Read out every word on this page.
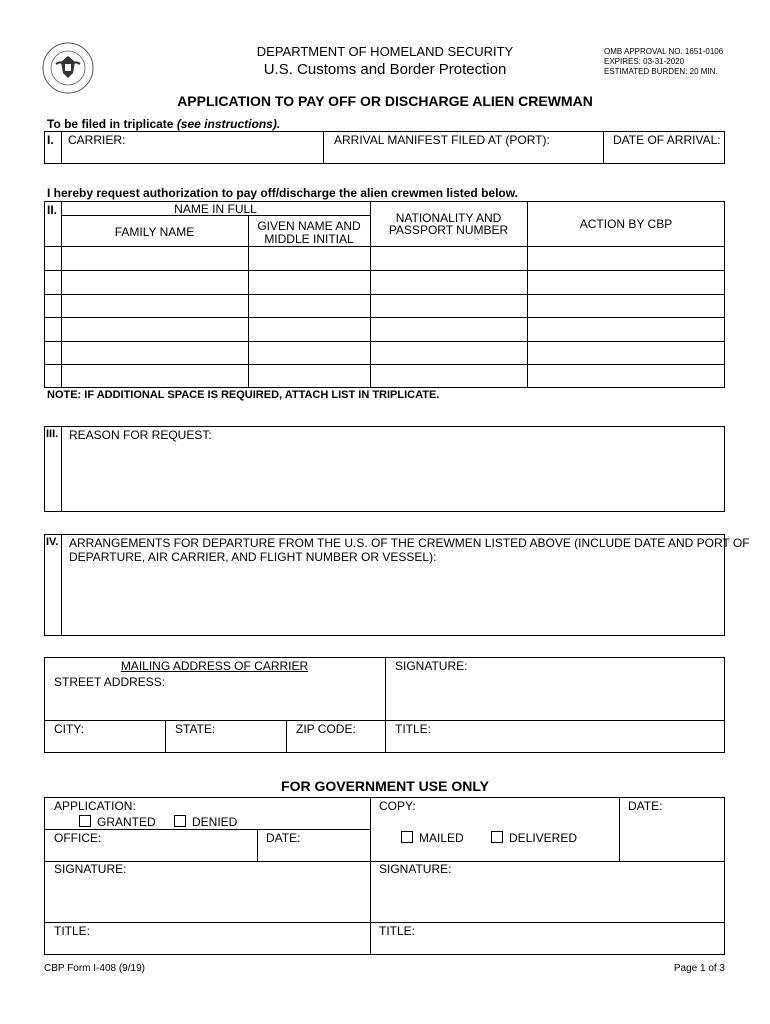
DEPARTMENT OF HOMELAND SECURITY
U.S. Customs and Border Protection
OMB APPROVAL NO. 1651-0106
EXPIRES: 03-31-2020
ESTIMATED BURDEN: 20 MIN.
APPLICATION TO PAY OFF OR DISCHARGE ALIEN CREWMAN
To be filed in triplicate (see instructions).
I. CARRIER:	ARRIVAL MANIFEST FILED AT (PORT):	DATE OF ARRIVAL:
I hereby request authorization to pay off/discharge the alien crewmen listed below.
II.	NAME IN FULL
FAMILY NAME	GIVEN NAME AND
MIDDLE INITIAL
NATIONALITY AND
PASSPORT NUMBER	ACTION BY CBP
NOTE: IF ADDITIONAL SPACE IS REQUIRED, ATTACH LIST IN TRIPLICATE.
III. REASON FOR REQUEST:
IV. ARRANGEMENTS FOR DEPARTURE FROM THE U.S. OF THE CREWMEN LISTED ABOVE (INCLUDE DATE AND PORT OF
DEPARTURE, AIR CARRIER, AND FLIGHT NUMBER OR VESSEL):
MAILING ADDRESS OF CARRIER
STREET ADDRESS:
CITY:	STATE:	ZIP CODE:
SIGNATURE:
TITLE:
FOR GOVERNMENT USE ONLY
APPLICATION:
GRANTED	DENIED
OFFICE:	DATE:
COPY:
MAILED	DELIVERED
DATE:
SIGNATURE:	SIGNATURE:
TITLE:	TITLE:
CBP Form I-408 (9/19)	Page 1 of 3
